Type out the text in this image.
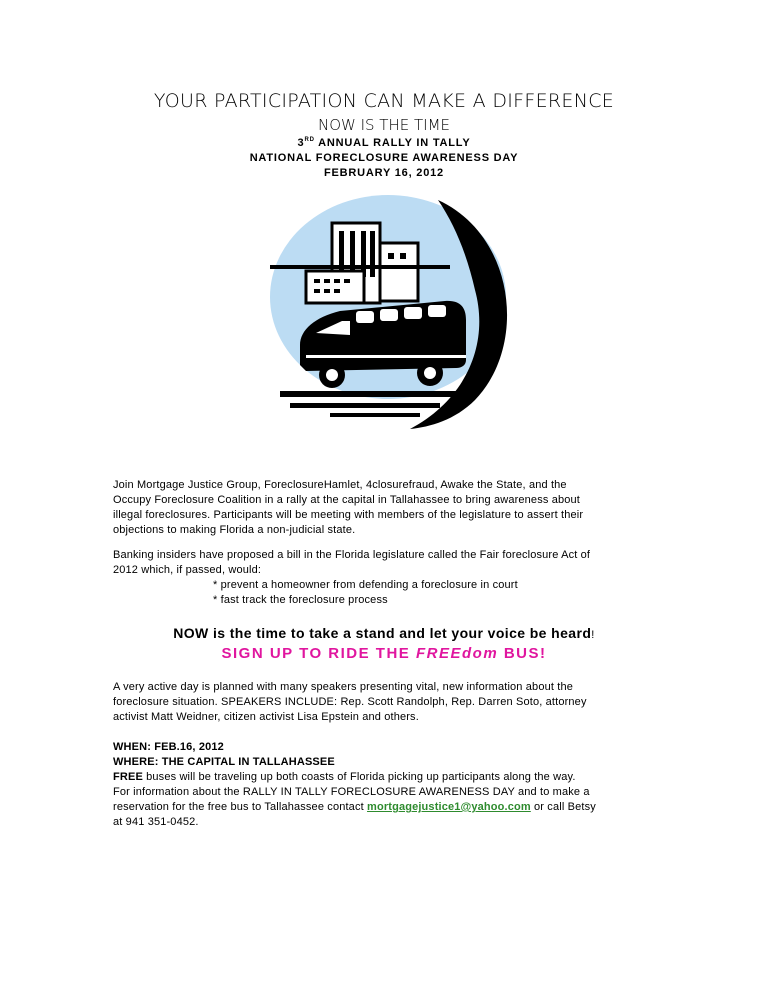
YOUR PARTICIPATION CAN MAKE A DIFFERENCE
NOW IS THE TIME
3RD ANNUAL RALLY IN TALLY
NATIONAL FORECLOSURE AWARENESS DAY
FEBRUARY 16, 2012
Join Mortgage Justice Group, ForeclosureHamlet, 4closurefraud, Awake the State, and the
Occupy Foreclosure Coalition in a rally at the capital in Tallahassee to bring awareness about
illegal foreclosures. Participants will be meeting with members of the legislature to assert their
objections to making Florida a non-judicial state.
Banking insiders have proposed a bill in the Florida legislature called the Fair foreclosure Act of
2012 which, if passed, would:
* prevent a homeowner from defending a foreclosure in court
* fast track the foreclosure process
NOW is the time to take a stand and let your voice be heard!
SIGN UP TO RIDE THE FREEdom BUS!
A very active day is planned with many speakers presenting vital, new information about the
foreclosure situation. SPEAKERS INCLUDE: Rep. Scott Randolph, Rep. Darren Soto, attorney
activist Matt Weidner, citizen activist Lisa Epstein and others.
WHEN: FEB.16, 2012
WHERE: THE CAPITAL IN TALLAHASSEE
FREE buses will be traveling up both coasts of Florida picking up participants along the way.
For information about the RALLY IN TALLY FORECLOSURE AWARENESS DAY and to make a
reservation for the free bus to Tallahassee contact mortgagejustice1@yahoo.com or call Betsy
at 941 351-0452.
